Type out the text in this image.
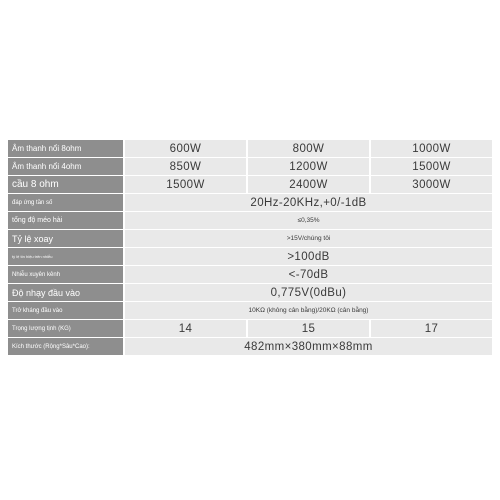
Âm thanh nổi 8ohm	600W	800W	1000W
Âm thanh nổi 4ohm	850W	1200W	1500W
cầu 8 ohm	1500W	2400W	3000W
đáp ứng tần số	20Hz-20KHz,+0/-1dB
tổng độ méo hài	≤0,35%
Tỷ lệ xoay	>15V/chúng tôi
tỷ lệ tín hiệu trên nhiễu	>100dB
Nhiễu xuyên kênh	<-70dB
Độ nhạy đầu vào	0,775V(0dBu)
Trở kháng đầu vào	10KΩ (không cân bằng)/20KΩ (cân bằng)
Trọng lượng tịnh (KG)	14	15	17
Kích thước (Rộng*Sâu*Cao):	482mm×380mm×88mm
